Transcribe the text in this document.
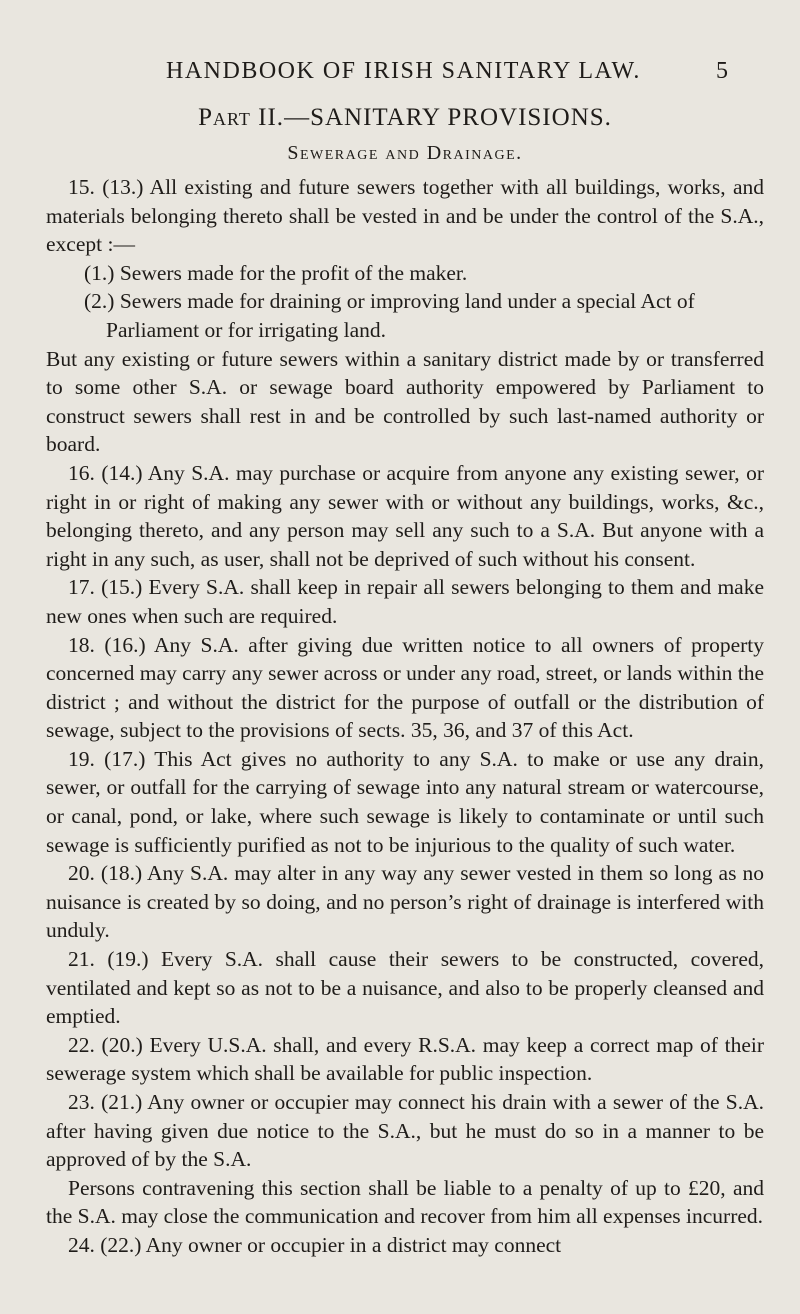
HANDBOOK OF IRISH SANITARY LAW.	5
Part II.—SANITARY PROVISIONS.
Sewerage and Drainage.

15. (13.) All existing and future sewers together with all buildings, works, and materials belonging thereto shall be vested in and be under the control of the S.A., except :—

(1.) Sewers made for the profit of the maker.

(2.) Sewers made for draining or improving land under a special Act of Parliament or for irrigating land.

But any existing or future sewers within a sanitary district made by or transferred to some other S.A. or sewage board authority empowered by Parliament to construct sewers shall rest in and be controlled by such last-named authority or board.

16. (14.) Any S.A. may purchase or acquire from anyone any existing sewer, or right in or right of making any sewer with or without any buildings, works, &c., belonging thereto, and any person may sell any such to a S.A. But anyone with a right in any such, as user, shall not be deprived of such without his consent.

17. (15.) Every S.A. shall keep in repair all sewers belonging to them and make new ones when such are required.

18. (16.) Any S.A. after giving due written notice to all owners of property concerned may carry any sewer across or under any road, street, or lands within the district ; and without the district for the purpose of outfall or the distribution of sewage, subject to the provisions of sects. 35, 36, and 37 of this Act.

19. (17.) This Act gives no authority to any S.A. to make or use any drain, sewer, or outfall for the carrying of sewage into any natural stream or watercourse, or canal, pond, or lake, where such sewage is likely to contaminate or until such sewage is sufficiently purified as not to be injurious to the quality of such water.

20. (18.) Any S.A. may alter in any way any sewer vested in them so long as no nuisance is created by so doing, and no person’s right of drainage is interfered with unduly.

21. (19.) Every S.A. shall cause their sewers to be constructed, covered, ventilated and kept so as not to be a nuisance, and also to be properly cleansed and emptied.

22. (20.) Every U.S.A. shall, and every R.S.A. may keep a correct map of their sewerage system which shall be available for public inspection.

23. (21.) Any owner or occupier may connect his drain with a sewer of the S.A. after having given due notice to the S.A., but he must do so in a manner to be approved of by the S.A.

Persons contravening this section shall be liable to a penalty of up to £20, and the S.A. may close the communication and recover from him all expenses incurred.

24. (22.) Any owner or occupier in a district may connect
